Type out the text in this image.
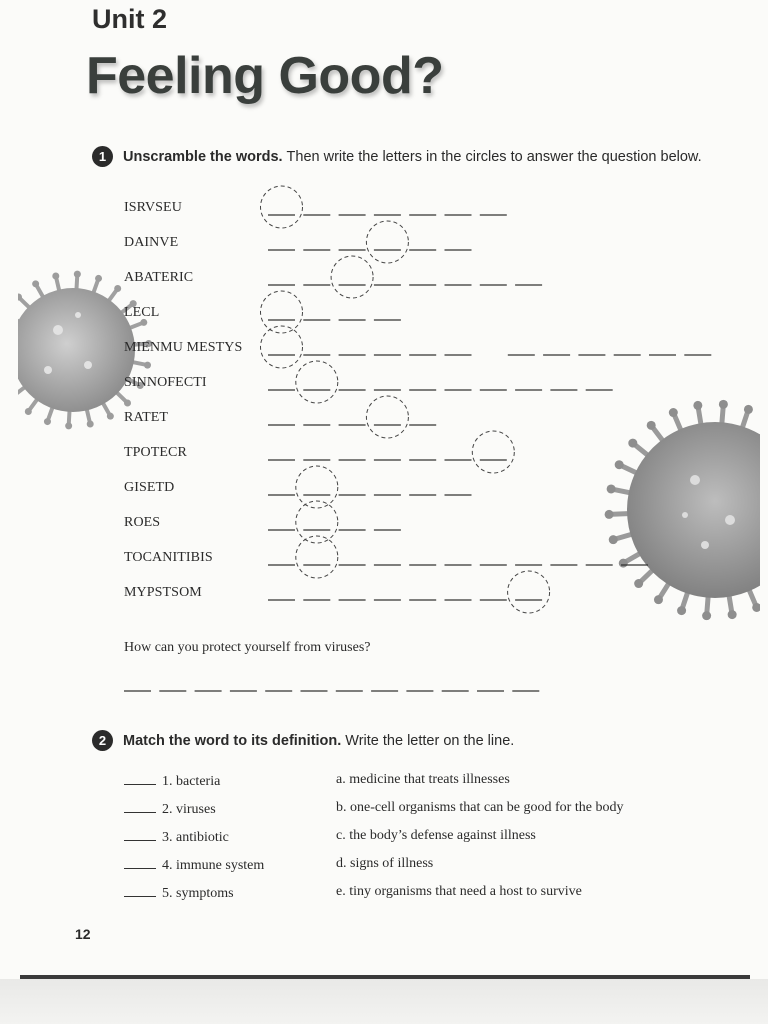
Unit 2
Feeling Good?
1	Unscramble the words. Then write the letters in the circles to answer the question below.
ISRVSEU
DAINVE
ABATERIC
LECL
MIENMU MESTYS
SINNOFECTI
RATET
TPOTECR
GISETD
ROES
TOCANITIBIS
MYPSTSOM
How can you protect yourself from viruses?
2	Match the word to its definition. Write the letter on the line.
1. bacteria
2. viruses
3. antibiotic
4. immune system
5. symptoms
a. medicine that treats illnesses
b. one-cell organisms that can be good for the body
c. the body’s defense against illness
d. signs of illness
e. tiny organisms that need a host to survive
12
